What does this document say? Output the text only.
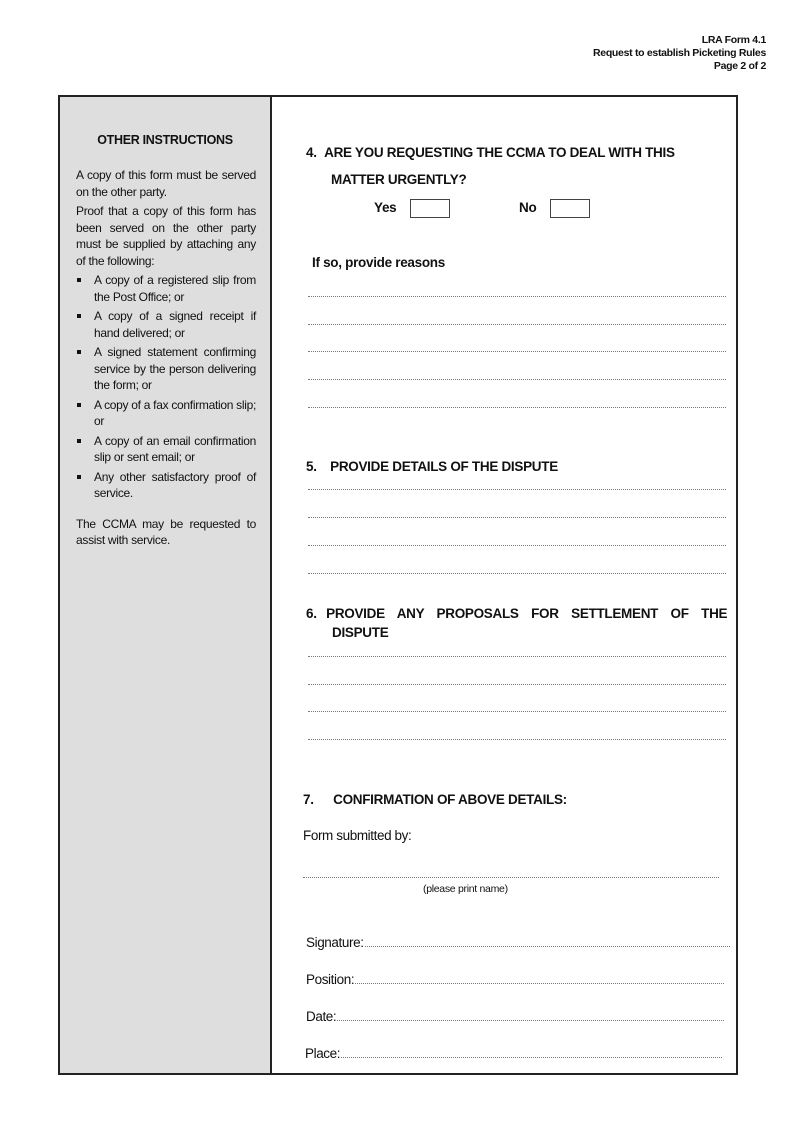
LRA Form 4.1
Request to establish Picketing Rules
Page 2 of 2
OTHER INSTRUCTIONS

A copy of this form must be served on the other party.

Proof that a copy of this form has been served on the other party must be supplied by attaching any of the following:

A copy of a registered slip from the Post Office; or
A copy of a signed receipt if hand delivered; or
A signed statement confirming service by the person delivering the form; or
A copy of a fax confirmation slip; or
A copy of an email confirmation slip or sent email; or
Any other satisfactory proof of service.

The CCMA may be requested to assist with service.

4. ARE YOU REQUESTING THE CCMA TO DEAL WITH THIS
MATTER URGENTLY?
Yes	No
If so, provide reasons
5. PROVIDE DETAILS OF THE DISPUTE
6. PROVIDE ANY PROPOSALS FOR SETTLEMENT OF THE
DISPUTE
7. CONFIRMATION OF ABOVE DETAILS:
Form submitted by:
(please print name)
Signature:
Position:
Date:
Place:
